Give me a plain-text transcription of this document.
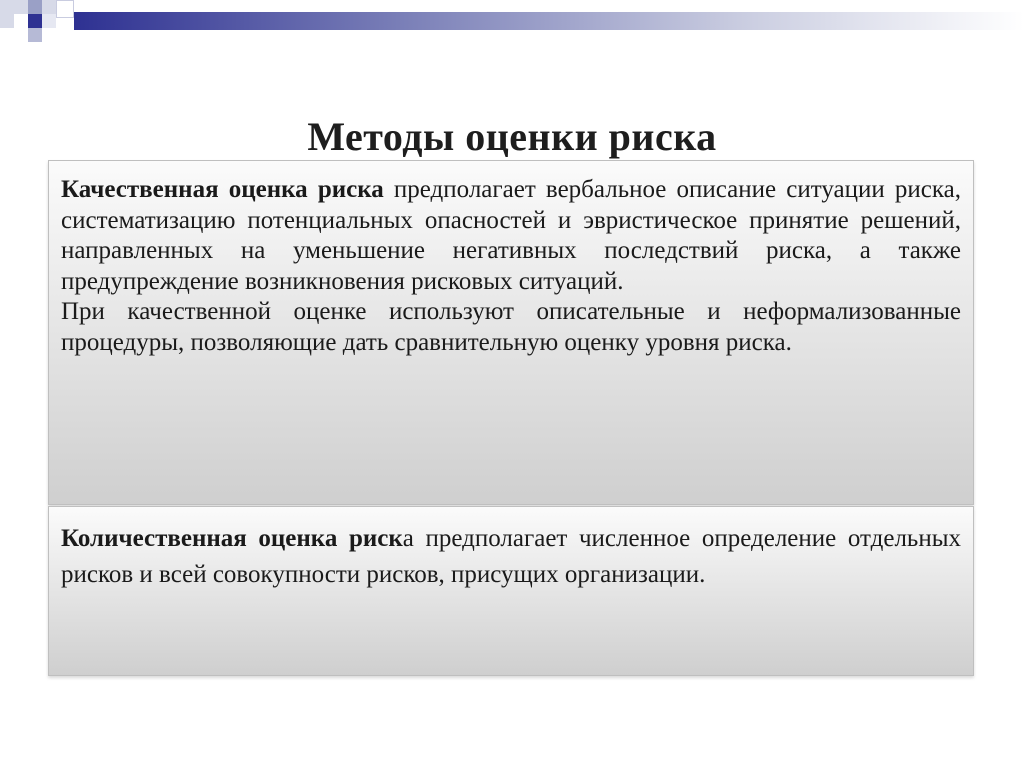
Методы оценки риска

Качественная оценка риска предполагает вербальное описание ситуации риска, систематизацию потенциальных опасностей и эвристическое принятие решений, направленных на уменьшение негативных последствий риска, а также предупреждение возникновения рисковых ситуаций.

При качественной оценке используют описательные и неформализованные процедуры, позволяющие дать сравнительную оценку уровня риска.

Количественная оценка риска предполагает численное определение отдельных рисков и всей совокупности рисков, присущих организации.
